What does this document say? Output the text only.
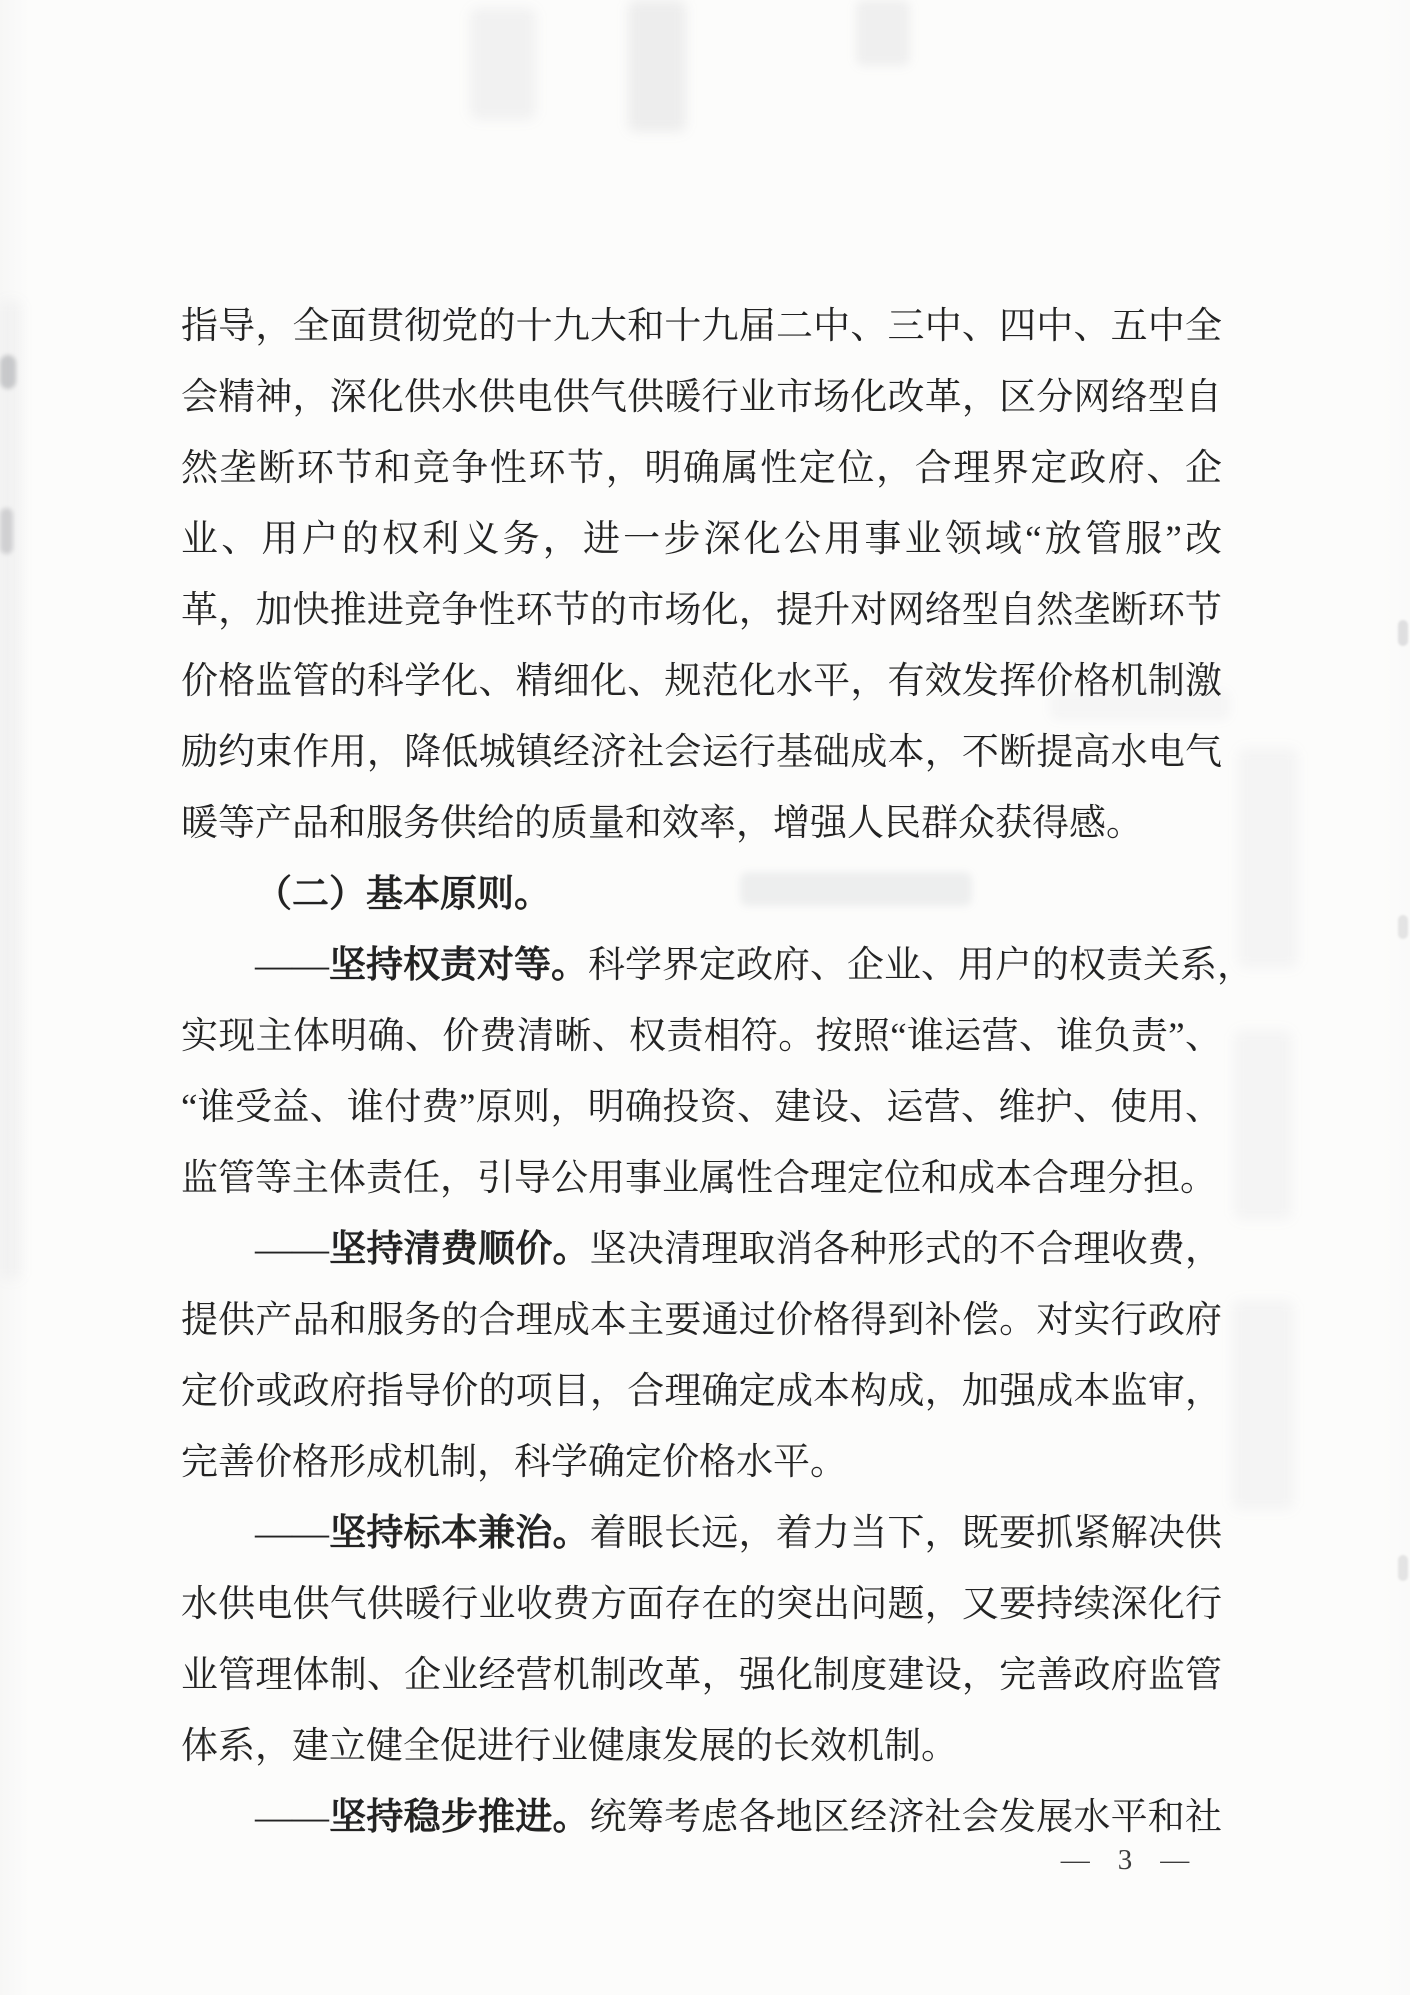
指导，全面贯彻党的十九大和十九届二中、三中、四中、五中全
会精神，深化供水供电供气供暖行业市场化改革，区分网络型自
然垄断环节和竞争性环节，明确属性定位，合理界定政府、企
业、用户的权利义务，进一步深化公用事业领域“放管服”改
革，加快推进竞争性环节的市场化，提升对网络型自然垄断环节
价格监管的科学化、精细化、规范化水平，有效发挥价格机制激
励约束作用，降低城镇经济社会运行基础成本，不断提高水电气
暖等产品和服务供给的质量和效率，增强人民群众获得感。
（二）基本原则。
——坚持权责对等。科学界定政府、企业、用户的权责关系，
实现主体明确、价费清晰、权责相符。按照“谁运营、谁负责”、
“谁受益、谁付费”原则，明确投资、建设、运营、维护、使用、
监管等主体责任，引导公用事业属性合理定位和成本合理分担。
——坚持清费顺价。坚决清理取消各种形式的不合理收费，
提供产品和服务的合理成本主要通过价格得到补偿。对实行政府
定价或政府指导价的项目，合理确定成本构成，加强成本监审，
完善价格形成机制，科学确定价格水平。
——坚持标本兼治。着眼长远，着力当下，既要抓紧解决供
水供电供气供暖行业收费方面存在的突出问题，又要持续深化行
业管理体制、企业经营机制改革，强化制度建设，完善政府监管
体系，建立健全促进行业健康发展的长效机制。
——坚持稳步推进。统筹考虑各地区经济社会发展水平和社
— 3 —
